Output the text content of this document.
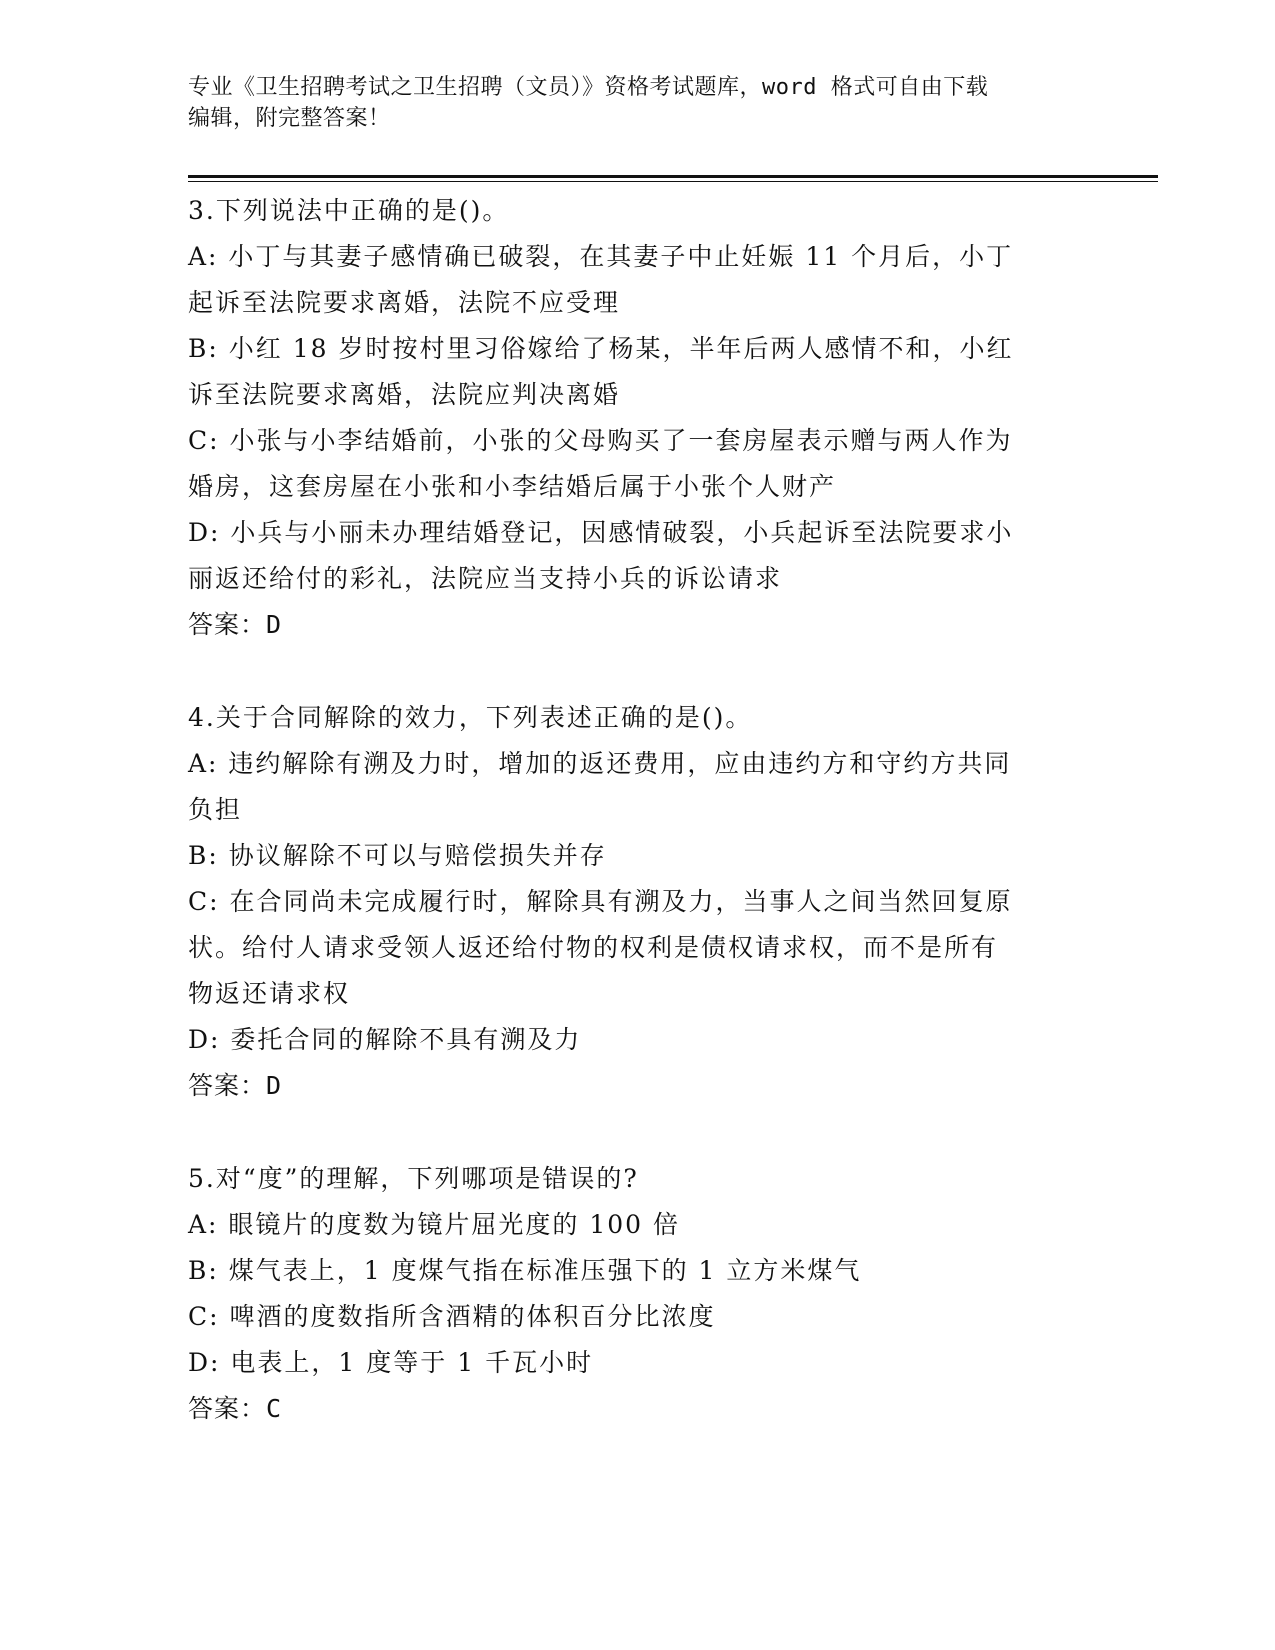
专业《卫生招聘考试之卫生招聘（文员）》资格考试题库，word 格式可自由下载
编辑，附完整答案！

3.下列说法中正确的是()。

A: 小丁与其妻子感情确已破裂，在其妻子中止妊娠 11 个月后，小丁

起诉至法院要求离婚，法院不应受理

B: 小红 18 岁时按村里习俗嫁给了杨某，半年后两人感情不和，小红

诉至法院要求离婚，法院应判决离婚

C: 小张与小李结婚前，小张的父母购买了一套房屋表示赠与两人作为

婚房，这套房屋在小张和小李结婚后属于小张个人财产

D: 小兵与小丽未办理结婚登记，因感情破裂，小兵起诉至法院要求小

丽返还给付的彩礼，法院应当支持小兵的诉讼请求

答案：D

4.关于合同解除的效力，下列表述正确的是()。

A: 违约解除有溯及力时，增加的返还费用，应由违约方和守约方共同

负担

B: 协议解除不可以与赔偿损失并存

C: 在合同尚未完成履行时，解除具有溯及力，当事人之间当然回复原

状。给付人请求受领人返还给付物的权利是债权请求权，而不是所有

物返还请求权

D: 委托合同的解除不具有溯及力

答案：D

5.对“度”的理解，下列哪项是错误的?

A: 眼镜片的度数为镜片屈光度的 100 倍

B: 煤气表上，1 度煤气指在标准压强下的 1 立方米煤气

C: 啤酒的度数指所含酒精的体积百分比浓度

D: 电表上，1 度等于 1 千瓦小时

答案：C
